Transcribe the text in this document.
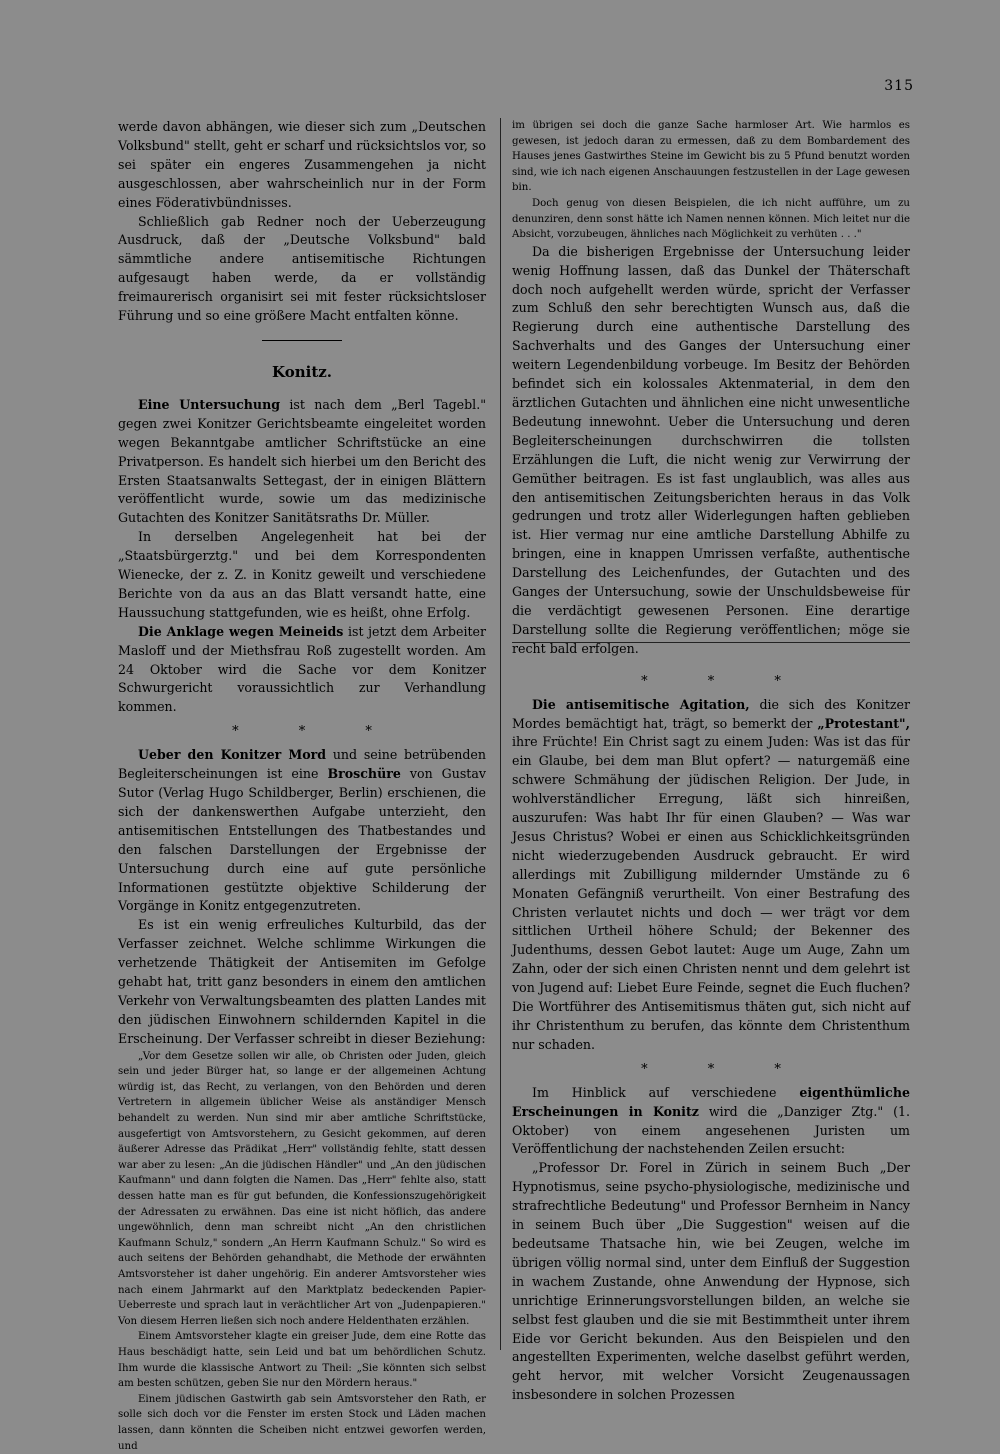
315

werde davon abhängen, wie dieser sich zum „Deutschen Volksbund" stellt, geht er scharf und rücksichtslos vor, so sei später ein engeres Zusammengehen ja nicht ausgeschlossen, aber wahrscheinlich nur in der Form eines Föderativbündnisses.

Schließlich gab Redner noch der Ueberzeugung Ausdruck, daß der „Deutsche Volksbund" bald sämmtliche andere antisemitische Richtungen aufgesaugt haben werde, da er vollständig freimaurerisch organisirt sei mit fester rücksichtsloser Führung und so eine größere Macht entfalten könne.

Konitz.

Eine Untersuchung ist nach dem „Berl Tagebl." gegen zwei Konitzer Gerichtsbeamte eingeleitet worden wegen Bekanntgabe amtlicher Schriftstücke an eine Privatperson. Es handelt sich hierbei um den Bericht des Ersten Staatsanwalts Settegast, der in einigen Blättern veröffentlicht wurde, sowie um das medizinische Gutachten des Konitzer Sanitätsraths Dr. Müller.

In derselben Angelegenheit hat bei der „Staatsbürgerztg." und bei dem Korrespondenten Wienecke, der z. Z. in Konitz geweilt und verschiedene Berichte von da aus an das Blatt versandt hatte, eine Haussuchung stattgefunden, wie es heißt, ohne Erfolg.

Die Anklage wegen Meineids ist jetzt dem Arbeiter Masloff und der Miethsfrau Roß zugestellt worden. Am 24 Oktober wird die Sache vor dem Konitzer Schwurgericht voraussichtlich zur Verhandlung kommen.

* * *

Ueber den Konitzer Mord und seine betrübenden Begleiterscheinungen ist eine Broschüre von Gustav Sutor (Verlag Hugo Schildberger, Berlin) erschienen, die sich der dankenswerthen Aufgabe unterzieht, den antisemitischen Entstellungen des Thatbestandes und den falschen Darstellungen der Ergebnisse der Untersuchung durch eine auf gute persönliche Informationen gestützte objektive Schilderung der Vorgänge in Konitz entgegenzutreten.

Es ist ein wenig erfreuliches Kulturbild, das der Verfasser zeichnet. Welche schlimme Wirkungen die verhetzende Thätigkeit der Antisemiten im Gefolge gehabt hat, tritt ganz besonders in einem den amtlichen Verkehr von Verwaltungsbeamten des platten Landes mit den jüdischen Einwohnern schildernden Kapitel in die Erscheinung. Der Verfasser schreibt in dieser Beziehung:

„Vor dem Gesetze sollen wir alle, ob Christen oder Juden, gleich sein und jeder Bürger hat, so lange er der allgemeinen Achtung würdig ist, das Recht, zu verlangen, von den Behörden und deren Vertretern in allgemein üblicher Weise als anständiger Mensch behandelt zu werden. Nun sind mir aber amtliche Schriftstücke, ausgefertigt von Amtsvorstehern, zu Gesicht gekommen, auf deren äußerer Adresse das Prädikat „Herr" vollständig fehlte, statt dessen war aber zu lesen: „An die jüdischen Händler" und „An den jüdischen Kaufmann" und dann folgten die Namen. Das „Herr" fehlte also, statt dessen hatte man es für gut befunden, die Konfessionszugehörigkeit der Adressaten zu erwähnen. Das eine ist nicht höflich, das andere ungewöhnlich, denn man schreibt nicht „An den christlichen Kaufmann Schulz," sondern „An Herrn Kaufmann Schulz." So wird es auch seitens der Behörden gehandhabt, die Methode der erwähnten Amtsvorsteher ist daher ungehörig. Ein anderer Amtsvorsteher wies nach einem Jahrmarkt auf den Marktplatz bedeckenden Papier-Ueberreste und sprach laut in verächtlicher Art von „Judenpapieren." Von diesem Herren ließen sich noch andere Heldenthaten erzählen.

Einem Amtsvorsteher klagte ein greiser Jude, dem eine Rotte das Haus beschädigt hatte, sein Leid und bat um behördlichen Schutz. Ihm wurde die klassische Antwort zu Theil: „Sie könnten sich selbst am besten schützen, geben Sie nur den Mördern heraus."

Einem jüdischen Gastwirth gab sein Amtsvorsteher den Rath, er solle sich doch vor die Fenster im ersten Stock und Läden machen lassen, dann könnten die Scheiben nicht entzwei geworfen werden, und

im übrigen sei doch die ganze Sache harmloser Art. Wie harmlos es gewesen, ist jedoch daran zu ermessen, daß zu dem Bombardement des Hauses jenes Gastwirthes Steine im Gewicht bis zu 5 Pfund benutzt worden sind, wie ich nach eigenen Anschauungen festzustellen in der Lage gewesen bin.

Doch genug von diesen Beispielen, die ich nicht aufführe, um zu denunziren, denn sonst hätte ich Namen nennen können. Mich leitet nur die Absicht, vorzubeugen, ähnliches nach Möglichkeit zu verhüten . . ."

Da die bisherigen Ergebnisse der Untersuchung leider wenig Hoffnung lassen, daß das Dunkel der Thäterschaft doch noch aufgehellt werden würde, spricht der Verfasser zum Schluß den sehr berechtigten Wunsch aus, daß die Regierung durch eine authentische Darstellung des Sachverhalts und des Ganges der Untersuchung einer weitern Legendenbildung vorbeuge. Im Besitz der Behörden befindet sich ein kolossales Aktenmaterial, in dem den ärztlichen Gutachten und ähnlichen eine nicht unwesentliche Bedeutung innewohnt. Ueber die Untersuchung und deren Begleiterscheinungen durchschwirren die tollsten Erzählungen die Luft, die nicht wenig zur Verwirrung der Gemüther beitragen. Es ist fast unglaublich, was alles aus den antisemitischen Zeitungsberichten heraus in das Volk gedrungen und trotz aller Widerlegungen haften geblieben ist. Hier vermag nur eine amtliche Darstellung Abhilfe zu bringen, eine in knappen Umrissen verfaßte, authentische Darstellung des Leichenfundes, der Gutachten und des Ganges der Untersuchung, sowie der Unschuldsbeweise für die verdächtigt gewesenen Personen. Eine derartige Darstellung sollte die Regierung veröffentlichen; möge sie recht bald erfolgen.

* * *

Die antisemitische Agitation, die sich des Konitzer Mordes bemächtigt hat, trägt, so bemerkt der „Protestant", ihre Früchte! Ein Christ sagt zu einem Juden: Was ist das für ein Glaube, bei dem man Blut opfert? — naturgemäß eine schwere Schmähung der jüdischen Religion. Der Jude, in wohlverständlicher Erregung, läßt sich hinreißen, auszurufen: Was habt Ihr für einen Glauben? — Was war Jesus Christus? Wobei er einen aus Schicklichkeitsgründen nicht wiederzugebenden Ausdruck gebraucht. Er wird allerdings mit Zubilligung mildernder Umstände zu 6 Monaten Gefängniß verurtheilt. Von einer Bestrafung des Christen verlautet nichts und doch — wer trägt vor dem sittlichen Urtheil höhere Schuld; der Bekenner des Judenthums, dessen Gebot lautet: Auge um Auge, Zahn um Zahn, oder der sich einen Christen nennt und dem gelehrt ist von Jugend auf: Liebet Eure Feinde, segnet die Euch fluchen? Die Wortführer des Antisemitismus thäten gut, sich nicht auf ihr Christenthum zu berufen, das könnte dem Christenthum nur schaden.

* * *

Im Hinblick auf verschiedene eigenthümliche Erscheinungen in Konitz wird die „Danziger Ztg." (1. Oktober) von einem angesehenen Juristen um Veröffentlichung der nachstehenden Zeilen ersucht:

„Professor Dr. Forel in Zürich in seinem Buch „Der Hypnotismus, seine psycho-physiologische, medizinische und strafrechtliche Bedeutung" und Professor Bernheim in Nancy in seinem Buch über „Die Suggestion" weisen auf die bedeutsame Thatsache hin, wie bei Zeugen, welche im übrigen völlig normal sind, unter dem Einfluß der Suggestion in wachem Zustande, ohne Anwendung der Hypnose, sich unrichtige Erinnerungsvorstellungen bilden, an welche sie selbst fest glauben und die sie mit Bestimmtheit unter ihrem Eide vor Gericht bekunden. Aus den Beispielen und den angestellten Experimenten, welche daselbst geführt werden, geht hervor, mit welcher Vorsicht Zeugenaussagen insbesondere in solchen Prozessen
